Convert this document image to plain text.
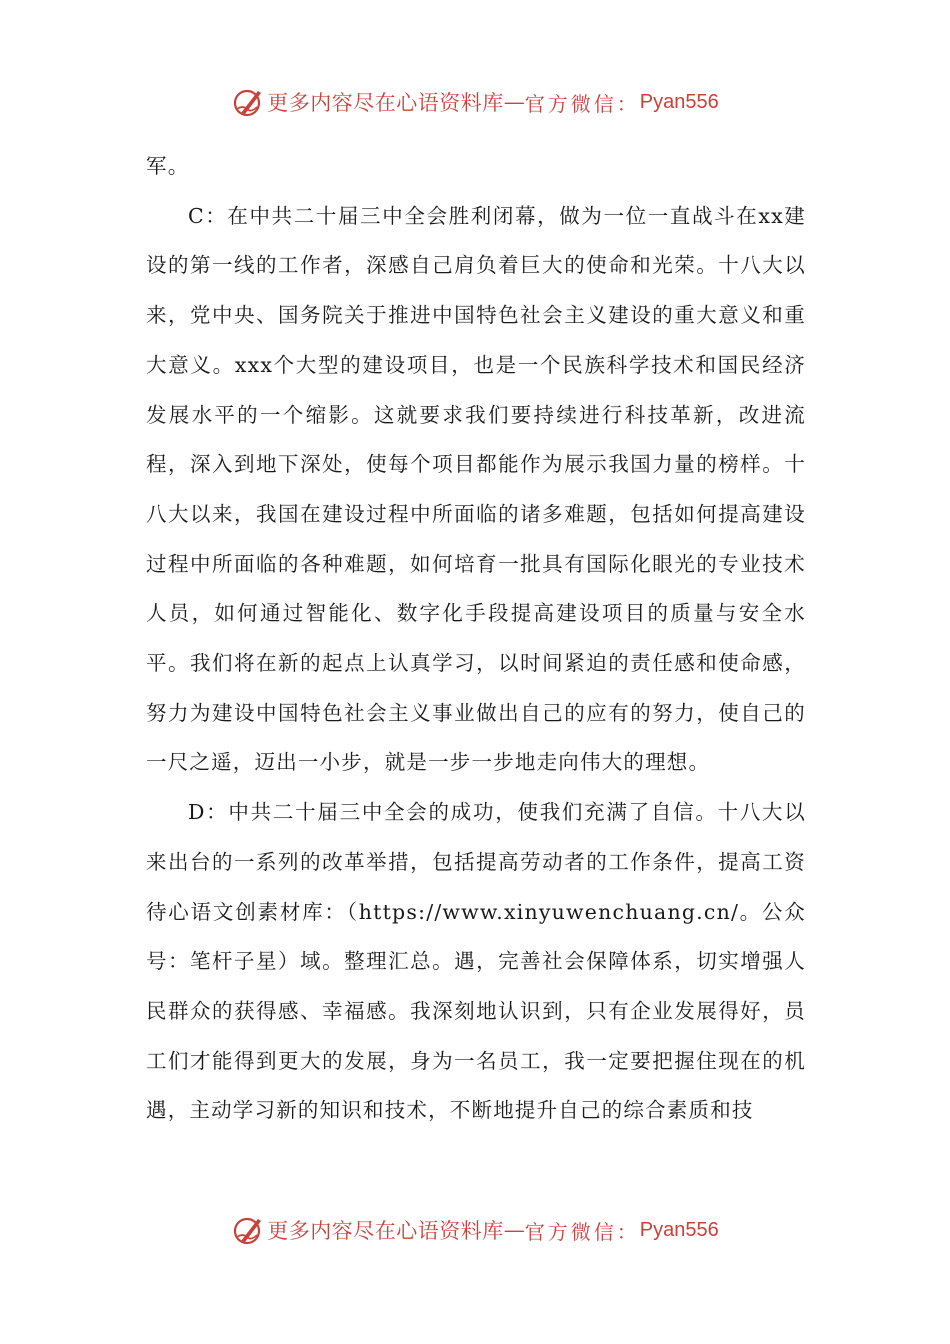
更多内容尽在心语资料库 — 官方微信： Pyan556

军。

C：在中共二十届三中全会胜利闭幕，做为一位一直战斗在xx建设的第一线的工作者，深感自己肩负着巨大的使命和光荣。十八大以来，党中央、国务院关于推进中国特色社会主义建设的重大意义和重大意义。xxx个大型的建设项目，也是一个民族科学技术和国民经济发展水平的一个缩影。这就要求我们要持续进行科技革新，改进流程，深入到地下深处，使每个项目都能作为展示我国力量的榜样。十八大以来，我国在建设过程中所面临的诸多难题，包括如何提高建设过程中所面临的各种难题，如何培育一批具有国际化眼光的专业技术人员，如何通过智能化、数字化手段提高建设项目的质量与安全水平。我们将在新的起点上认真学习，以时间紧迫的责任感和使命感，努力为建设中国特色社会主义事业做出自己的应有的努力，使自己的一尺之遥，迈出一小步，就是一步一步地走向伟大的理想。

D：中共二十届三中全会的成功，使我们充满了自信。十八大以来出台的一系列的改革举措，包括提高劳动者的工作条件，提高工资待心语文创素材库：（https://www.xinyuwenchuang.cn/。公众号：笔杆子星）域。整理汇总。遇，完善社会保障体系，切实增强人民群众的获得感、幸福感。我深刻地认识到，只有企业发展得好，员工们才能得到更大的发展，身为一名员工，我一定要把握住现在的机遇，主动学习新的知识和技术，不断地提升自己的综合素质和技

更多内容尽在心语资料库 — 官方微信： Pyan556
